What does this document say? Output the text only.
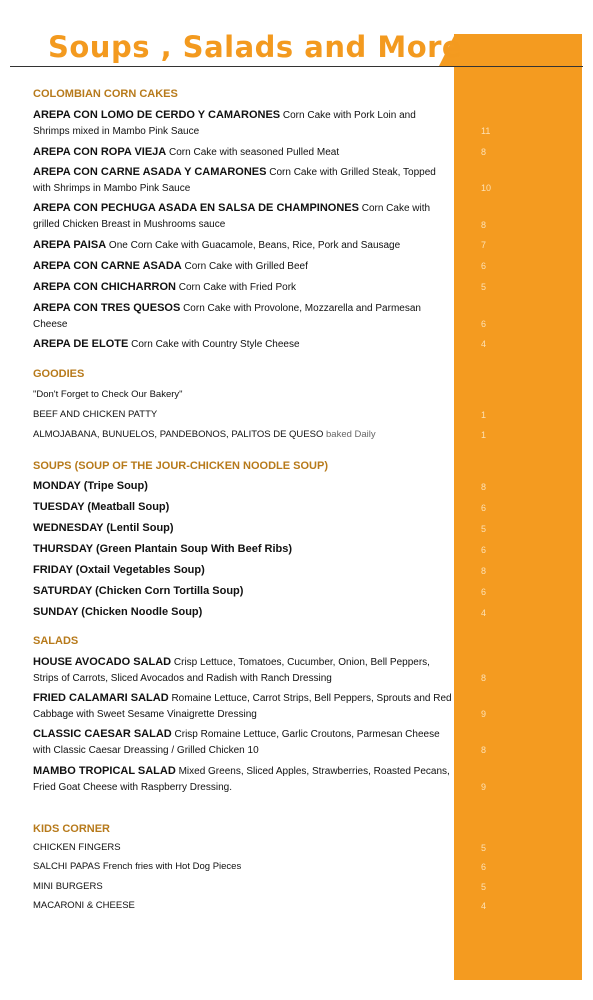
Soups , Salads and More
COLOMBIAN CORN CAKES
AREPA CON LOMO DE CERDO Y CAMARONES Corn Cake with Pork Loin and Shrimps mixed in Mambo Pink Sauce	11
AREPA CON ROPA VIEJA Corn Cake with seasoned Pulled Meat	8
AREPA CON CARNE ASADA Y CAMARONES Corn Cake with Grilled Steak, Topped with Shrimps in Mambo Pink Sauce	10
AREPA CON PECHUGA ASADA EN SALSA DE CHAMPINONES Corn Cake with grilled Chicken Breast in Mushrooms sauce	8
AREPA PAISA One Corn Cake with Guacamole, Beans, Rice, Pork and Sausage	7
AREPA CON CARNE ASADA Corn Cake with Grilled Beef	6
AREPA CON CHICHARRON Corn Cake with Fried Pork	5
AREPA CON TRES QUESOS Corn Cake with Provolone, Mozzarella and Parmesan Cheese	6
AREPA DE ELOTE Corn Cake with Country Style Cheese	4
GOODIES
"Don't Forget to Check Our Bakery"
BEEF AND CHICKEN PATTY	1
ALMOJABANA, BUNUELOS, PANDEBONOS, PALITOS DE QUESO baked Daily	1
SOUPS (SOUP OF THE JOUR-CHICKEN NOODLE SOUP)
MONDAY (Tripe Soup)	8
TUESDAY (Meatball Soup)	6
WEDNESDAY (Lentil Soup)	5
THURSDAY (Green Plantain Soup With Beef Ribs)	6
FRIDAY (Oxtail Vegetables Soup)	8
SATURDAY (Chicken Corn Tortilla Soup)	6
SUNDAY (Chicken Noodle Soup)	4
SALADS
HOUSE AVOCADO SALAD Crisp Lettuce, Tomatoes, Cucumber, Onion, Bell Peppers, Strips of Carrots, Sliced Avocados and Radish with Ranch Dressing	8
FRIED CALAMARI SALAD Romaine Lettuce, Carrot Strips, Bell Peppers, Sprouts and Red Cabbage with Sweet Sesame Vinaigrette Dressing	9
CLASSIC CAESAR SALAD Crisp Romaine Lettuce, Garlic Croutons, Parmesan Cheese with Classic Caesar Dreassing / Grilled Chicken 10	8
MAMBO TROPICAL SALAD Mixed Greens, Sliced Apples, Strawberries, Roasted Pecans, Fried Goat Cheese with Raspberry Dressing.	9
KIDS CORNER
CHICKEN FINGERS	5
SALCHI PAPAS French fries with Hot Dog Pieces	6
MINI BURGERS	5
MACARONI & CHEESE	4
